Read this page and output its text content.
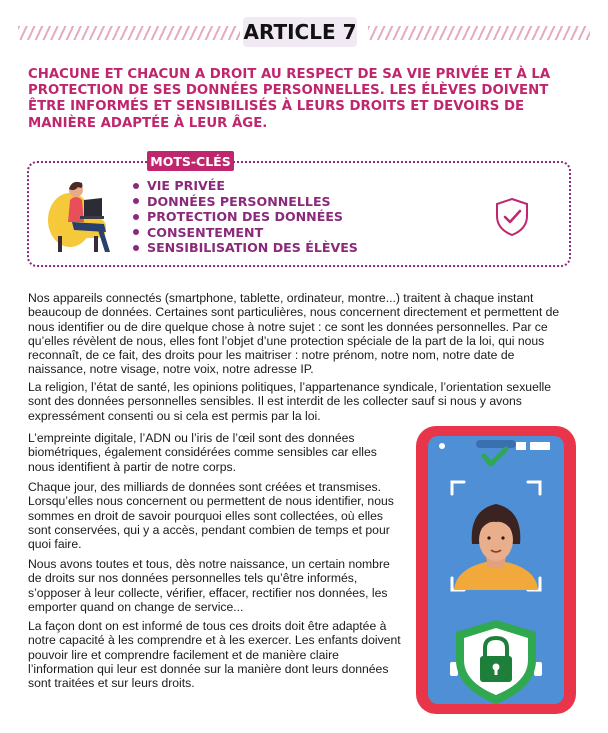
ARTICLE 7

CHACUNE ET CHACUN A DROIT AU RESPECT DE SA VIE PRIVÉE ET À LA PROTECTION DE SES DONNÉES PERSONNELLES. LES ÉLÈVES DOIVENT ÊTRE INFORMÉS ET SENSIBILISÉS À LEURS DROITS ET DEVOIRS DE MANIÈRE ADAPTÉE À LEUR ÂGE.

MOTS-CLÉS
VIE PRIVÉE
DONNÉES PERSONNELLES
PROTECTION DES DONNÉES
CONSENTEMENT
SENSIBILISATION DES ÉLÈVES

Nos appareils connectés (smartphone, tablette, ordinateur, montre...) traitent à chaque instant beaucoup de données. Certaines sont particulières, nous concernent directement et permettent de nous identifier ou de dire quelque chose à notre sujet : ce sont les données personnelles. Par ce qu’elles révèlent de nous, elles font l’objet d’une protection spéciale de la part de la loi, qui nous reconnaît, de ce fait, des droits pour les maitriser : notre prénom, notre nom, notre date de naissance, notre visage, notre voix, notre adresse IP.

La religion, l’état de santé, les opinions politiques, l’appartenance syndicale, l’orientation sexuelle sont des données personnelles sensibles. Il est interdit de les collecter sauf si nous y avons expressément consenti ou si cela est permis par la loi.

L’empreinte digitale, l’ADN ou l’iris de l’œil sont des données biométriques, également considérées comme sensibles car elles nous identifient à partir de notre corps.

Chaque jour, des milliards de données sont créées et transmises. Lorsqu’elles nous concernent ou permettent de nous identifier, nous sommes en droit de savoir pourquoi elles sont collectées, où elles sont conservées, qui y a accès, pendant combien de temps et pour quoi faire.

Nous avons toutes et tous, dès notre naissance, un certain nombre de droits sur nos données personnelles tels qu’être informés, s’opposer à leur collecte, vérifier, effacer, rectifier nos données, les emporter quand on change de service...

La façon dont on est informé de tous ces droits doit être adaptée à notre capacité à les comprendre et à les exercer. Les enfants doivent pouvoir lire et comprendre facilement et de manière claire l’information qui leur est donnée sur la manière dont leurs données sont traitées et sur leurs droits.
